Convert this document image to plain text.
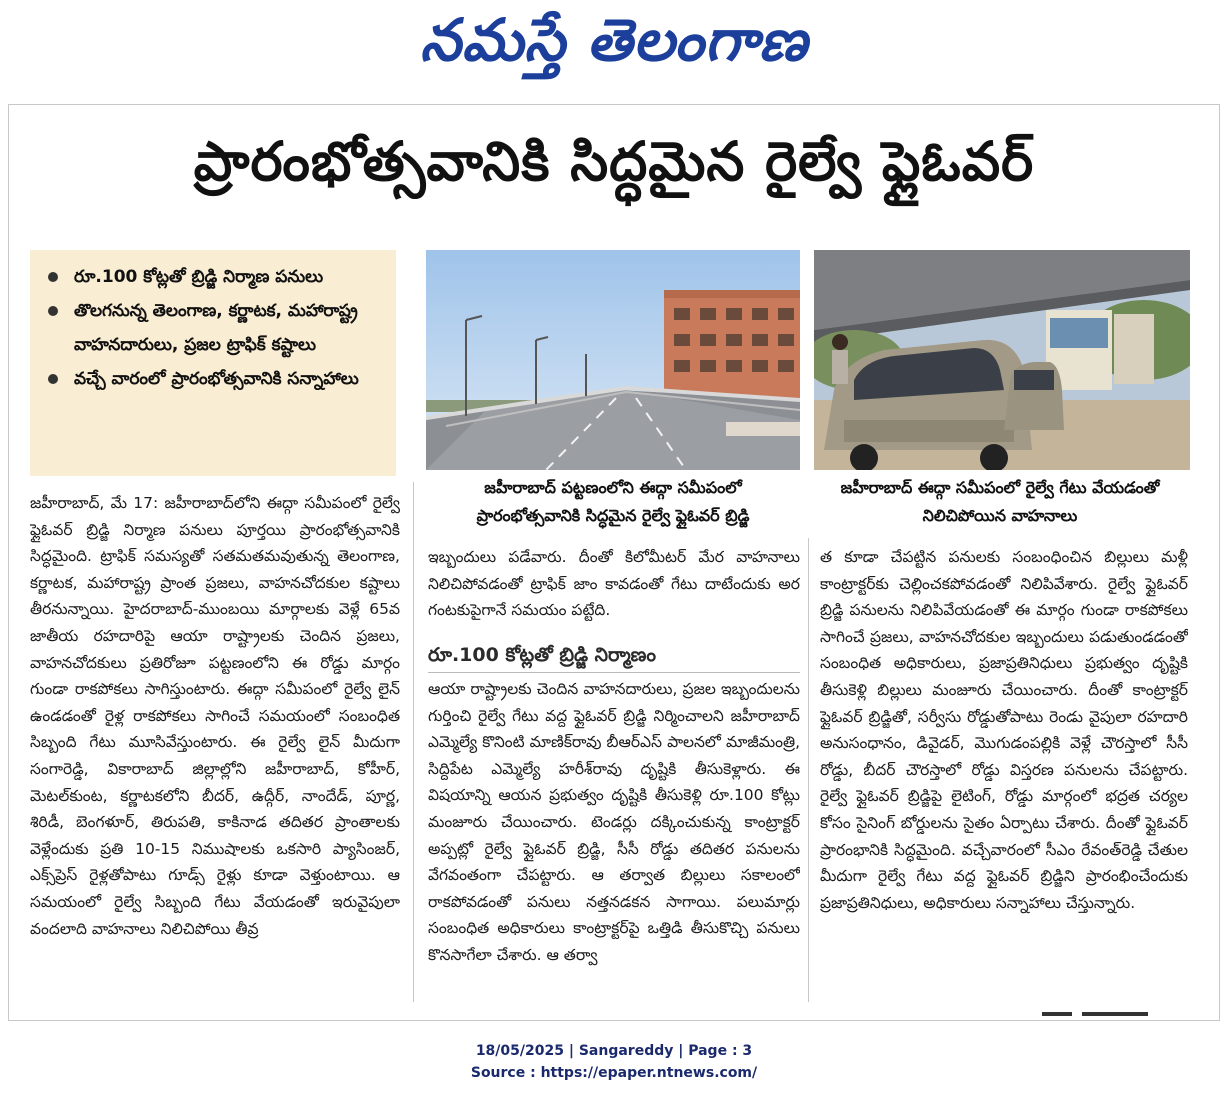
నమస్తే తెలంగాణ
ప్రారంభోత్సవానికి సిద్ధమైన రైల్వే ఫ్లైఓవర్
రూ.100 కోట్లతో బ్రిడ్జి నిర్మాణ పనులు
తొలగనున్న తెలంగాణ, కర్ణాటక, మహారాష్ట్ర వాహనదారులు, ప్రజల ట్రాఫిక్ కష్టాలు
వచ్చే వారంలో ప్రారంభోత్సవానికి సన్నాహాలు
జహీరాబాద్ పట్టణంలోని ఈద్గా సమీపంలో ప్రారంభోత్సవానికి సిద్ధమైన రైల్వే ఫ్లైఓవర్ బ్రిడ్జి
జహీరాబాద్ ఈద్గా సమీపంలో రైల్వే గేటు వేయడంతో నిలిచిపోయిన వాహనాలు

జహీరాబాద్, మే 17: జహీరాబాద్‌లోని ఈద్గా సమీపంలో రైల్వే ఫ్లైఓవర్ బ్రిడ్జి నిర్మాణ పనులు పూర్తయి ప్రారంభోత్సవానికి సిద్ధమైంది. ట్రాఫిక్ సమస్యతో సతమతమవుతున్న తెలంగాణ, కర్ణాటక, మహారాష్ట్ర ప్రాంత ప్రజలు, వాహనచోదకుల కష్టాలు తీరనున్నాయి. హైదరాబాద్-ముంబయి మార్గాలకు వెళ్లే 65వ జాతీయ రహదారిపై ఆయా రాష్ట్రాలకు చెందిన ప్రజలు, వాహనచోదకులు ప్రతిరోజూ పట్టణంలోని ఈ రోడ్డు మార్గం గుండా రాకపోకలు సాగిస్తుంటారు. ఈద్గా సమీపంలో రైల్వే లైన్ ఉండడంతో రైళ్ల రాకపోకలు సాగించే సమయంలో సంబంధిత సిబ్బంది గేటు మూసివేస్తుంటారు. ఈ రైల్వే లైన్ మీదుగా సంగారెడ్డి, వికారాబాద్ జిల్లాల్లోని జహీరాబాద్, కోహీర్, మెటల్‌కుంట, కర్ణాటకలోని బీదర్, ఉద్గీర్, నాందేడ్, పూర్ణ, శిరిడీ, బెంగళూర్, తిరుపతి, కాకినాడ తదితర ప్రాంతాలకు వెళ్లేందుకు ప్రతి 10-15 నిముషాలకు ఒకసారి ప్యాసింజర్, ఎక్స్‌ప్రెస్ రైళ్లతోపాటు గూడ్స్ రైళ్లు కూడా వెళ్తుంటాయి. ఆ సమయంలో రైల్వే సిబ్బంది గేటు వేయడంతో ఇరువైపులా వందలాది వాహనాలు నిలిచిపోయి తీవ్ర

ఇబ్బందులు పడేవారు. దీంతో కిలోమీటర్ మేర వాహనాలు నిలిచిపోవడంతో ట్రాఫిక్ జాం కావడంతో గేటు దాటేందుకు అర గంటకుపైగానే సమయం పట్టేది.

రూ.100 కోట్లతో బ్రిడ్జి నిర్మాణం

ఆయా రాష్ట్రాలకు చెందిన వాహనదారులు, ప్రజల ఇబ్బందులను గుర్తించి రైల్వే గేటు వద్ద ఫ్లైఓవర్ బ్రిడ్జి నిర్మించాలని జహీరాబాద్ ఎమ్మెల్యే కొనింటి మాణిక్‌రావు బీఆర్‌ఎస్ పాలనలో మాజీమంత్రి, సిద్దిపేట ఎమ్మెల్యే హరీశ్‌రావు దృష్టికి తీసుకెళ్లారు. ఈ విషయాన్ని ఆయన ప్రభుత్వం దృష్టికి తీసుకెళ్లి రూ.100 కోట్లు మంజూరు చేయించారు. టెండర్లు దక్కించుకున్న కాంట్రాక్టర్ అప్పట్లో రైల్వే ఫ్లైఓవర్ బ్రిడ్జి, సీసీ రోడ్డు తదితర పనులను వేగవంతంగా చేపట్టారు. ఆ తర్వాత బిల్లులు సకాలంలో రాకపోవడంతో పనులు నత్తనడకన సాగాయి. పలుమార్లు సంబంధిత అధికారులు కాంట్రాక్టర్‌పై ఒత్తిడి తీసుకొచ్చి పనులు కొనసాగేలా చేశారు. ఆ తర్వా

త కూడా చేపట్టిన పనులకు సంబంధించిన బిల్లులు మళ్లీ కాంట్రాక్టర్‌కు చెల్లించకపోవడంతో నిలిపివేశారు. రైల్వే ఫ్లైఓవర్ బ్రిడ్జి పనులను నిలిపివేయడంతో ఈ మార్గం గుండా రాకపోకలు సాగించే ప్రజలు, వాహనచోదకుల ఇబ్బందులు పడుతుండడంతో సంబంధిత అధికారులు, ప్రజాప్రతినిధులు ప్రభుత్వం దృష్టికి తీసుకెళ్లి బిల్లులు మంజూరు చేయించారు. దీంతో కాంట్రాక్టర్ ఫ్లైఓవర్ బ్రిడ్జితో, సర్వీసు రోడ్డుతోపాటు రెండు వైపులా రహదారి అనుసంధానం, డివైడర్, మొగుడంపల్లికి వెళ్లే చౌరస్తాలో సీసీ రోడ్డు, బీదర్ చౌరస్తాలో రోడ్డు విస్తరణ పనులను చేపట్టారు. రైల్వే ఫ్లైఓవర్ బ్రిడ్జిపై లైటింగ్, రోడ్డు మార్గంలో భద్రత చర్యల కోసం సైనింగ్ బోర్డులను సైతం ఏర్పాటు చేశారు. దీంతో ఫ్లైఓవర్ ప్రారంభానికి సిద్ధమైంది. వచ్చేవారంలో సీఎం రేవంత్‌రెడ్డి చేతుల మీదుగా రైల్వే గేటు వద్ద ఫ్లైఓవర్ బ్రిడ్జిని ప్రారంభించేందుకు ప్రజాప్రతినిధులు, అధికారులు సన్నాహాలు చేస్తున్నారు.

18/05/2025 | Sangareddy | Page : 3
Source : https://epaper.ntnews.com/
